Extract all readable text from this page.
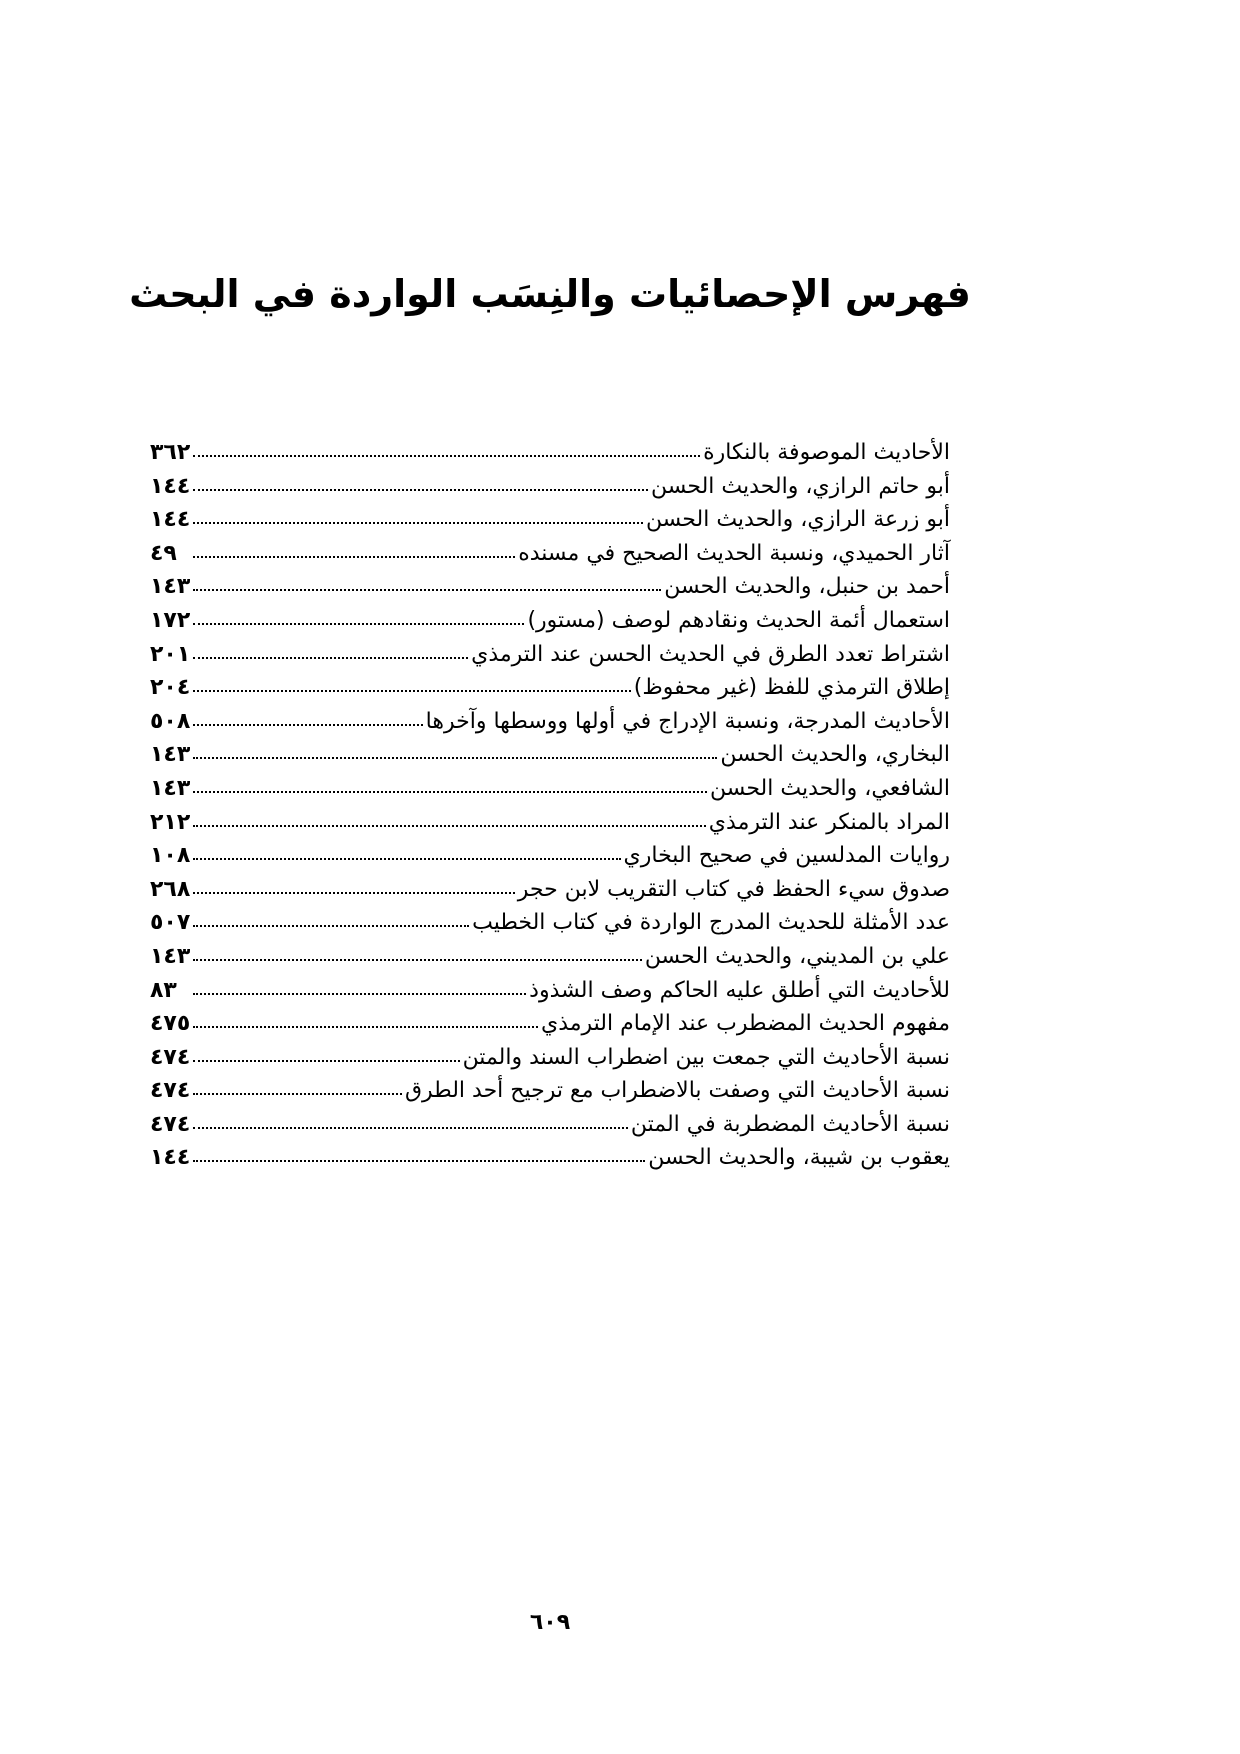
فهرس الإحصائيات والنِسَب الواردة في البحث
الأحاديث الموصوفة بالنكارة
٣٦٢
أبو حاتم الرازي، والحديث الحسن
١٤٤
أبو زرعة الرازي، والحديث الحسن
١٤٤
آثار الحميدي، ونسبة الحديث الصحيح في مسنده
٤٩
أحمد بن حنبل، والحديث الحسن
١٤٣
استعمال أئمة الحديث ونقادهم لوصف (مستور)
١٧٢
اشتراط تعدد الطرق في الحديث الحسن عند الترمذي
٢٠١
إطلاق الترمذي للفظ (غير محفوظ)
٢٠٤
الأحاديث المدرجة، ونسبة الإدراج في أولها ووسطها وآخرها
٥٠٨
البخاري، والحديث الحسن
١٤٣
الشافعي، والحديث الحسن
١٤٣
المراد بالمنكر عند الترمذي
٢١٢
روايات المدلسين في صحيح البخاري
١٠٨
صدوق سيء الحفظ في كتاب التقريب لابن حجر
٢٦٨
عدد الأمثلة للحديث المدرج الواردة في كتاب الخطيب
٥٠٧
علي بن المديني، والحديث الحسن
١٤٣
للأحاديث التي أطلق عليه الحاكم وصف الشذوذ
٨٣
مفهوم الحديث المضطرب عند الإمام الترمذي
٤٧٥
نسبة الأحاديث التي جمعت بين اضطراب السند والمتن
٤٧٤
نسبة الأحاديث التي وصفت بالاضطراب مع ترجيح أحد الطرق
٤٧٤
نسبة الأحاديث المضطربة في المتن
٤٧٤
يعقوب بن شيبة، والحديث الحسن
١٤٤
٦٠٩
